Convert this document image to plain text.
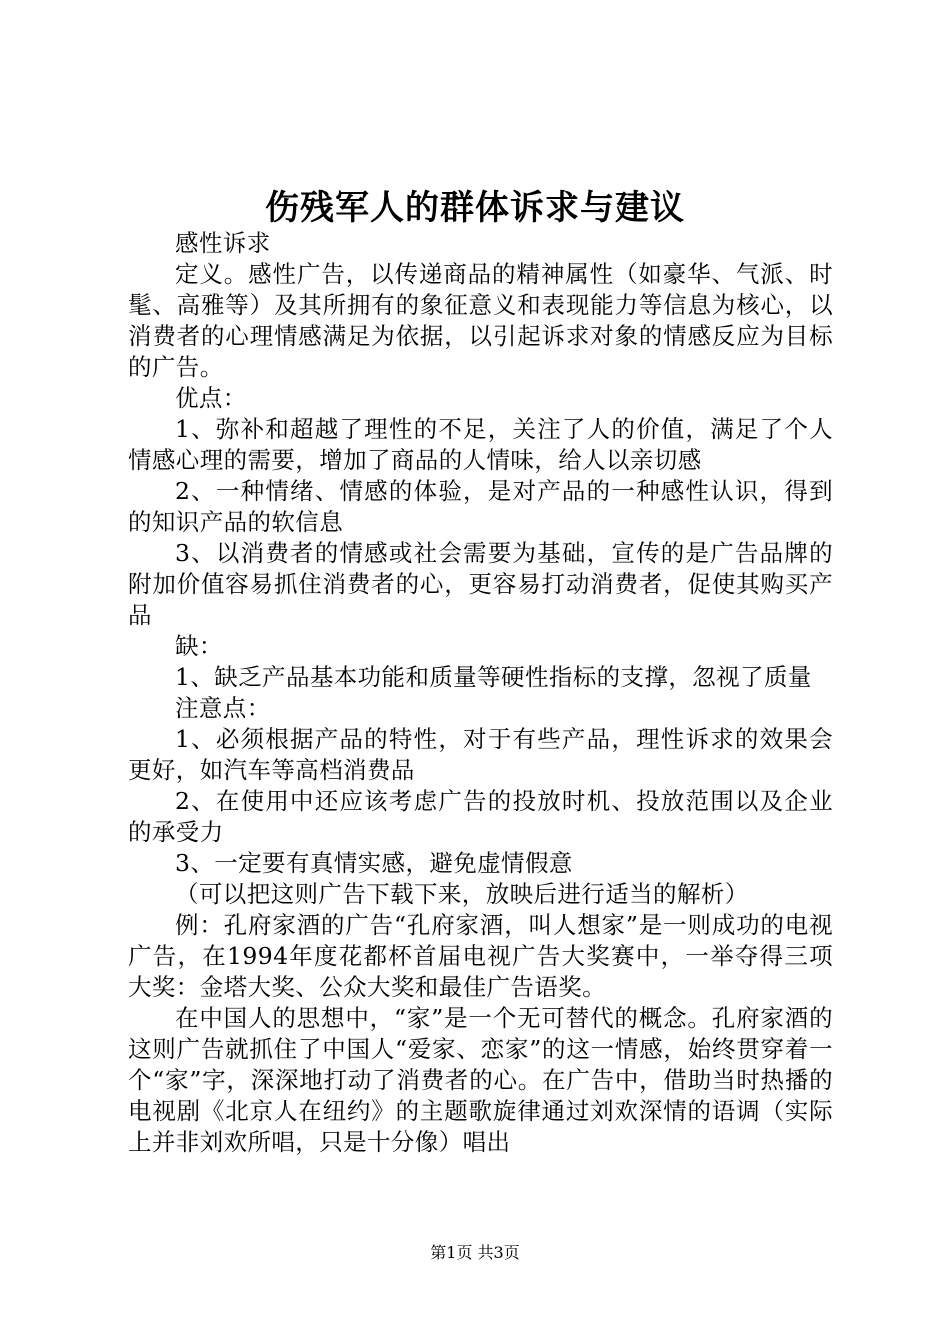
伤残军人的群体诉求与建议

感性诉求

定义。感性广告，以传递商品的精神属性（如豪华、气派、时髦、高雅等）及其所拥有的象征意义和表现能力等信息为核心，以消费者的心理情感满足为依据，以引起诉求对象的情感反应为目标的广告。

优点：

1、弥补和超越了理性的不足，关注了人的价值，满足了个人情感心理的需要，增加了商品的人情味，给人以亲切感

2、一种情绪、情感的体验，是对产品的一种感性认识，得到的知识产品的软信息

3、以消费者的情感或社会需要为基础，宣传的是广告品牌的附加价值容易抓住消费者的心，更容易打动消费者，促使其购买产品

缺：

1、缺乏产品基本功能和质量等硬性指标的支撑，忽视了质量

注意点：

1、必须根据产品的特性，对于有些产品，理性诉求的效果会更好，如汽车等高档消费品

2、在使用中还应该考虑广告的投放时机、投放范围以及企业的承受力

3、一定要有真情实感，避免虚情假意

（可以把这则广告下载下来，放映后进行适当的解析）

例：孔府家酒的广告“孔府家酒，叫人想家”是一则成功的电视广告，在1994年度花都杯首届电视广告大奖赛中，一举夺得三项大奖：金塔大奖、公众大奖和最佳广告语奖。

在中国人的思想中，“家”是一个无可替代的概念。孔府家酒的这则广告就抓住了中国人“爱家、恋家”的这一情感，始终贯穿着一个“家”字，深深地打动了消费者的心。在广告中，借助当时热播的电视剧《北京人在纽约》的主题歌旋律通过刘欢深情的语调（实际上并非刘欢所唱，只是十分像）唱出

第1页 共3页
